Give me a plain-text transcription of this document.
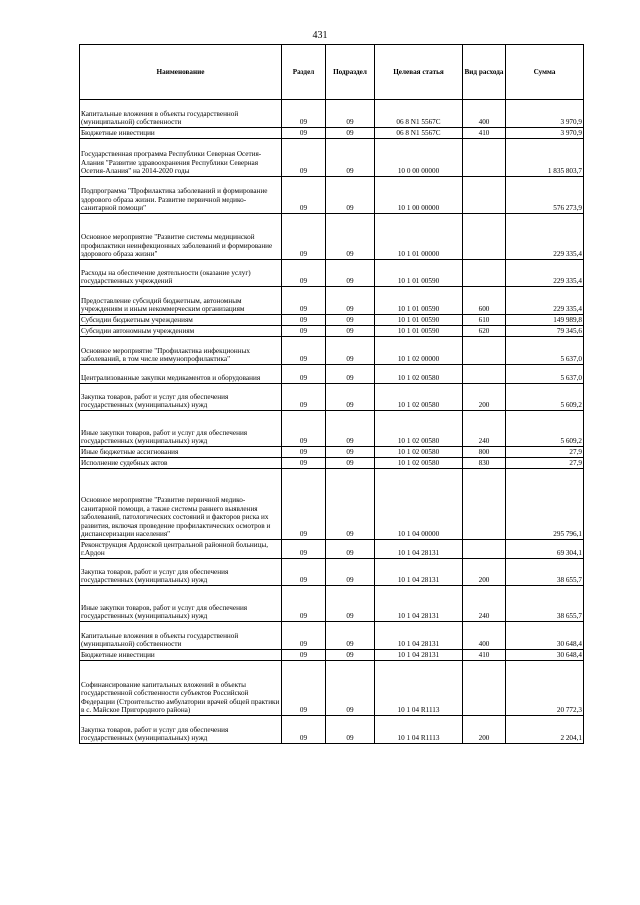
431
Наименование	Раздел	Подраздел	Целевая статья	Вид расхода	Сумма
Капитальные вложения в объекты государственной (муниципальной) собственности	09	09	06 8 N1 5567С	400	3 970,9
Бюджетные инвестиции	09	09	06 8 N1 5567С	410	3 970,9
Государственная программа Республики Северная Осетия-Алания "Развитие здравоохранения Республики Северная Осетия-Алания" на 2014-2020 годы	09	09	10 0 00 00000		1 835 803,7
Подпрограмма "Профилактика заболеваний и формирование здорового образа жизни. Развитие первичной медико-санитарной помощи"	09	09	10 1 00 00000		576 273,9
Основное мероприятие "Развитие системы медицинской профилактики неинфекционных заболеваний и формирование здорового образа жизни"	09	09	10 1 01 00000		229 335,4
Расходы на обеспечение деятельности (оказание услуг) государственных учреждений	09	09	10 1 01 00590		229 335,4
Предоставление субсидий бюджетным, автономным учреждениям и иным некоммерческим организациям	09	09	10 1 01 00590	600	229 335,4
Субсидии бюджетным учреждениям	09	09	10 1 01 00590	610	149 989,8
Субсидии автономным учреждениям	09	09	10 1 01 00590	620	79 345,6
Основное мероприятие "Профилактика инфекционных заболеваний, в том числе иммунопрофилактика"	09	09	10 1 02 00000		5 637,0
Централизованные закупки медикаментов и оборудования	09	09	10 1 02 00580		5 637,0
Закупка товаров, работ и услуг для обеспечения государственных (муниципальных) нужд	09	09	10 1 02 00580	200	5 609,2
Иные закупки товаров, работ и услуг для обеспечения государственных (муниципальных) нужд	09	09	10 1 02 00580	240	5 609,2
Иные бюджетные ассигнования	09	09	10 1 02 00580	800	27,9
Исполнение судебных актов	09	09	10 1 02 00580	830	27,9
Основное мероприятие "Развитие первичной медико-санитарной помощи, а также системы раннего выявления заболеваний, патологических состояний и факторов риска их развития, включая проведение профилактических осмотров и диспансеризации населения"	09	09	10 1 04 00000		295 796,1
Реконструкция Ардонской центральной районной больницы, г.Ардон	09	09	10 1 04 28131		69 304,1
Закупка товаров, работ и услуг для обеспечения государственных (муниципальных) нужд	09	09	10 1 04 28131	200	38 655,7
Иные закупки товаров, работ и услуг для обеспечения государственных (муниципальных) нужд	09	09	10 1 04 28131	240	38 655,7
Капитальные вложения в объекты государственной (муниципальной) собственности	09	09	10 1 04 28131	400	30 648,4
Бюджетные инвестиции	09	09	10 1 04 28131	410	30 648,4
Софинансирование капитальных вложений в объекты государственной собственности субъектов Российской Федерации (Строительство амбулатории врачей общей практики в с. Майское Пригородного района)	09	09	10 1 04 R1113		20 772,3
Закупка товаров, работ и услуг для обеспечения государственных (муниципальных) нужд	09	09	10 1 04 R1113	200	2 204,1
